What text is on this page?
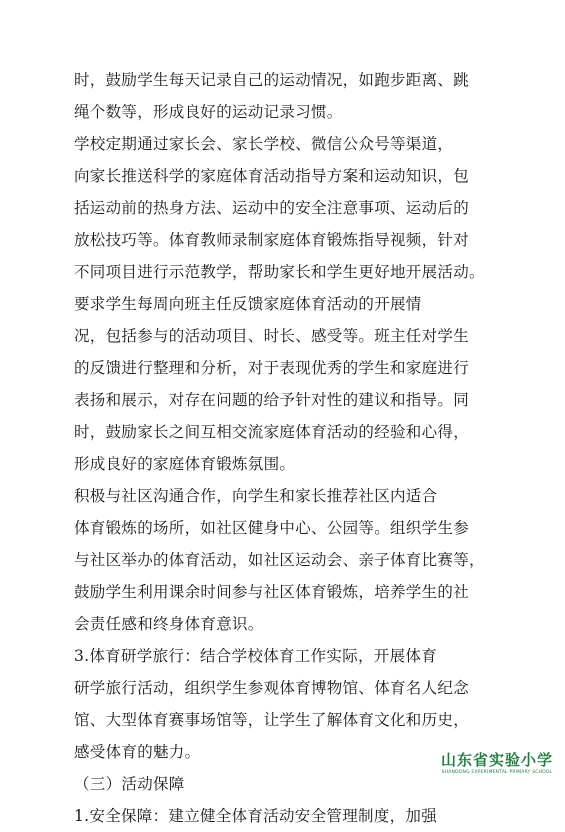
时，鼓励学生每天记录自己的运动情况，如跑步距离、跳
绳个数等，形成良好的运动记录习惯。

学校定期通过家长会、家长学校、微信公众号等渠道，
向家长推送科学的家庭体育活动指导方案和运动知识，包
括运动前的热身方法、运动中的安全注意事项、运动后的
放松技巧等。体育教师录制家庭体育锻炼指导视频，针对
不同项目进行示范教学，帮助家长和学生更好地开展活动。

要求学生每周向班主任反馈家庭体育活动的开展情
况，包括参与的活动项目、时长、感受等。班主任对学生
的反馈进行整理和分析，对于表现优秀的学生和家庭进行
表扬和展示，对存在问题的给予针对性的建议和指导。同
时，鼓励家长之间互相交流家庭体育活动的经验和心得，
形成良好的家庭体育锻炼氛围。

积极与社区沟通合作，向学生和家长推荐社区内适合
体育锻炼的场所，如社区健身中心、公园等。组织学生参
与社区举办的体育活动，如社区运动会、亲子体育比赛等，
鼓励学生利用课余时间参与社区体育锻炼，培养学生的社
会责任感和终身体育意识。

3.体育研学旅行：结合学校体育工作实际，开展体育
研学旅行活动，组织学生参观体育博物馆、体育名人纪念
馆、大型体育赛事场馆等，让学生了解体育文化和历史，
感受体育的魅力。

（三）活动保障

1.安全保障：建立健全体育活动安全管理制度，加强

山东省实验小学
SHANDONG EXPERIMENTAL PRIMARY SCHOOL
